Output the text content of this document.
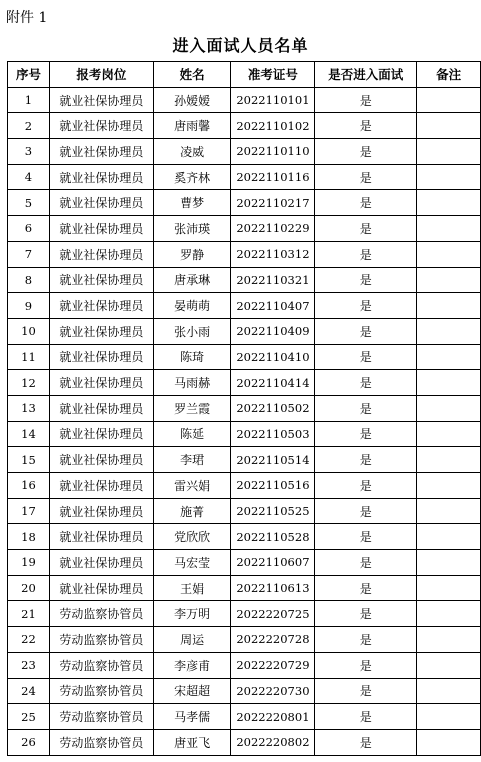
附件 1
进入面试人员名单
序号	报考岗位	姓名	准考证号	是否进入面试	备注
1	就业社保协理员	孙嫒嫒	2022110101	是	
2	就业社保协理员	唐雨馨	2022110102	是	
3	就业社保协理员	凌威	2022110110	是	
4	就业社保协理员	奚齐林	2022110116	是	
5	就业社保协理员	曹梦	2022110217	是	
6	就业社保协理员	张沛瑛	2022110229	是	
7	就业社保协理员	罗静	2022110312	是	
8	就业社保协理员	唐承琳	2022110321	是	
9	就业社保协理员	晏萌萌	2022110407	是	
10	就业社保协理员	张小雨	2022110409	是	
11	就业社保协理员	陈琦	2022110410	是	
12	就业社保协理员	马雨赫	2022110414	是	
13	就业社保协理员	罗兰霞	2022110502	是	
14	就业社保协理员	陈延	2022110503	是	
15	就业社保协理员	李珺	2022110514	是	
16	就业社保协理员	雷兴娟	2022110516	是	
17	就业社保协理员	施菁	2022110525	是	
18	就业社保协理员	党欣欣	2022110528	是	
19	就业社保协理员	马宏莹	2022110607	是	
20	就业社保协理员	王娟	2022110613	是	
21	劳动监察协管员	李万明	2022220725	是	
22	劳动监察协管员	周运	2022220728	是	
23	劳动监察协管员	李彦甫	2022220729	是	
24	劳动监察协管员	宋超超	2022220730	是	
25	劳动监察协管员	马孝儒	2022220801	是	
26	劳动监察协管员	唐亚飞	2022220802	是	
